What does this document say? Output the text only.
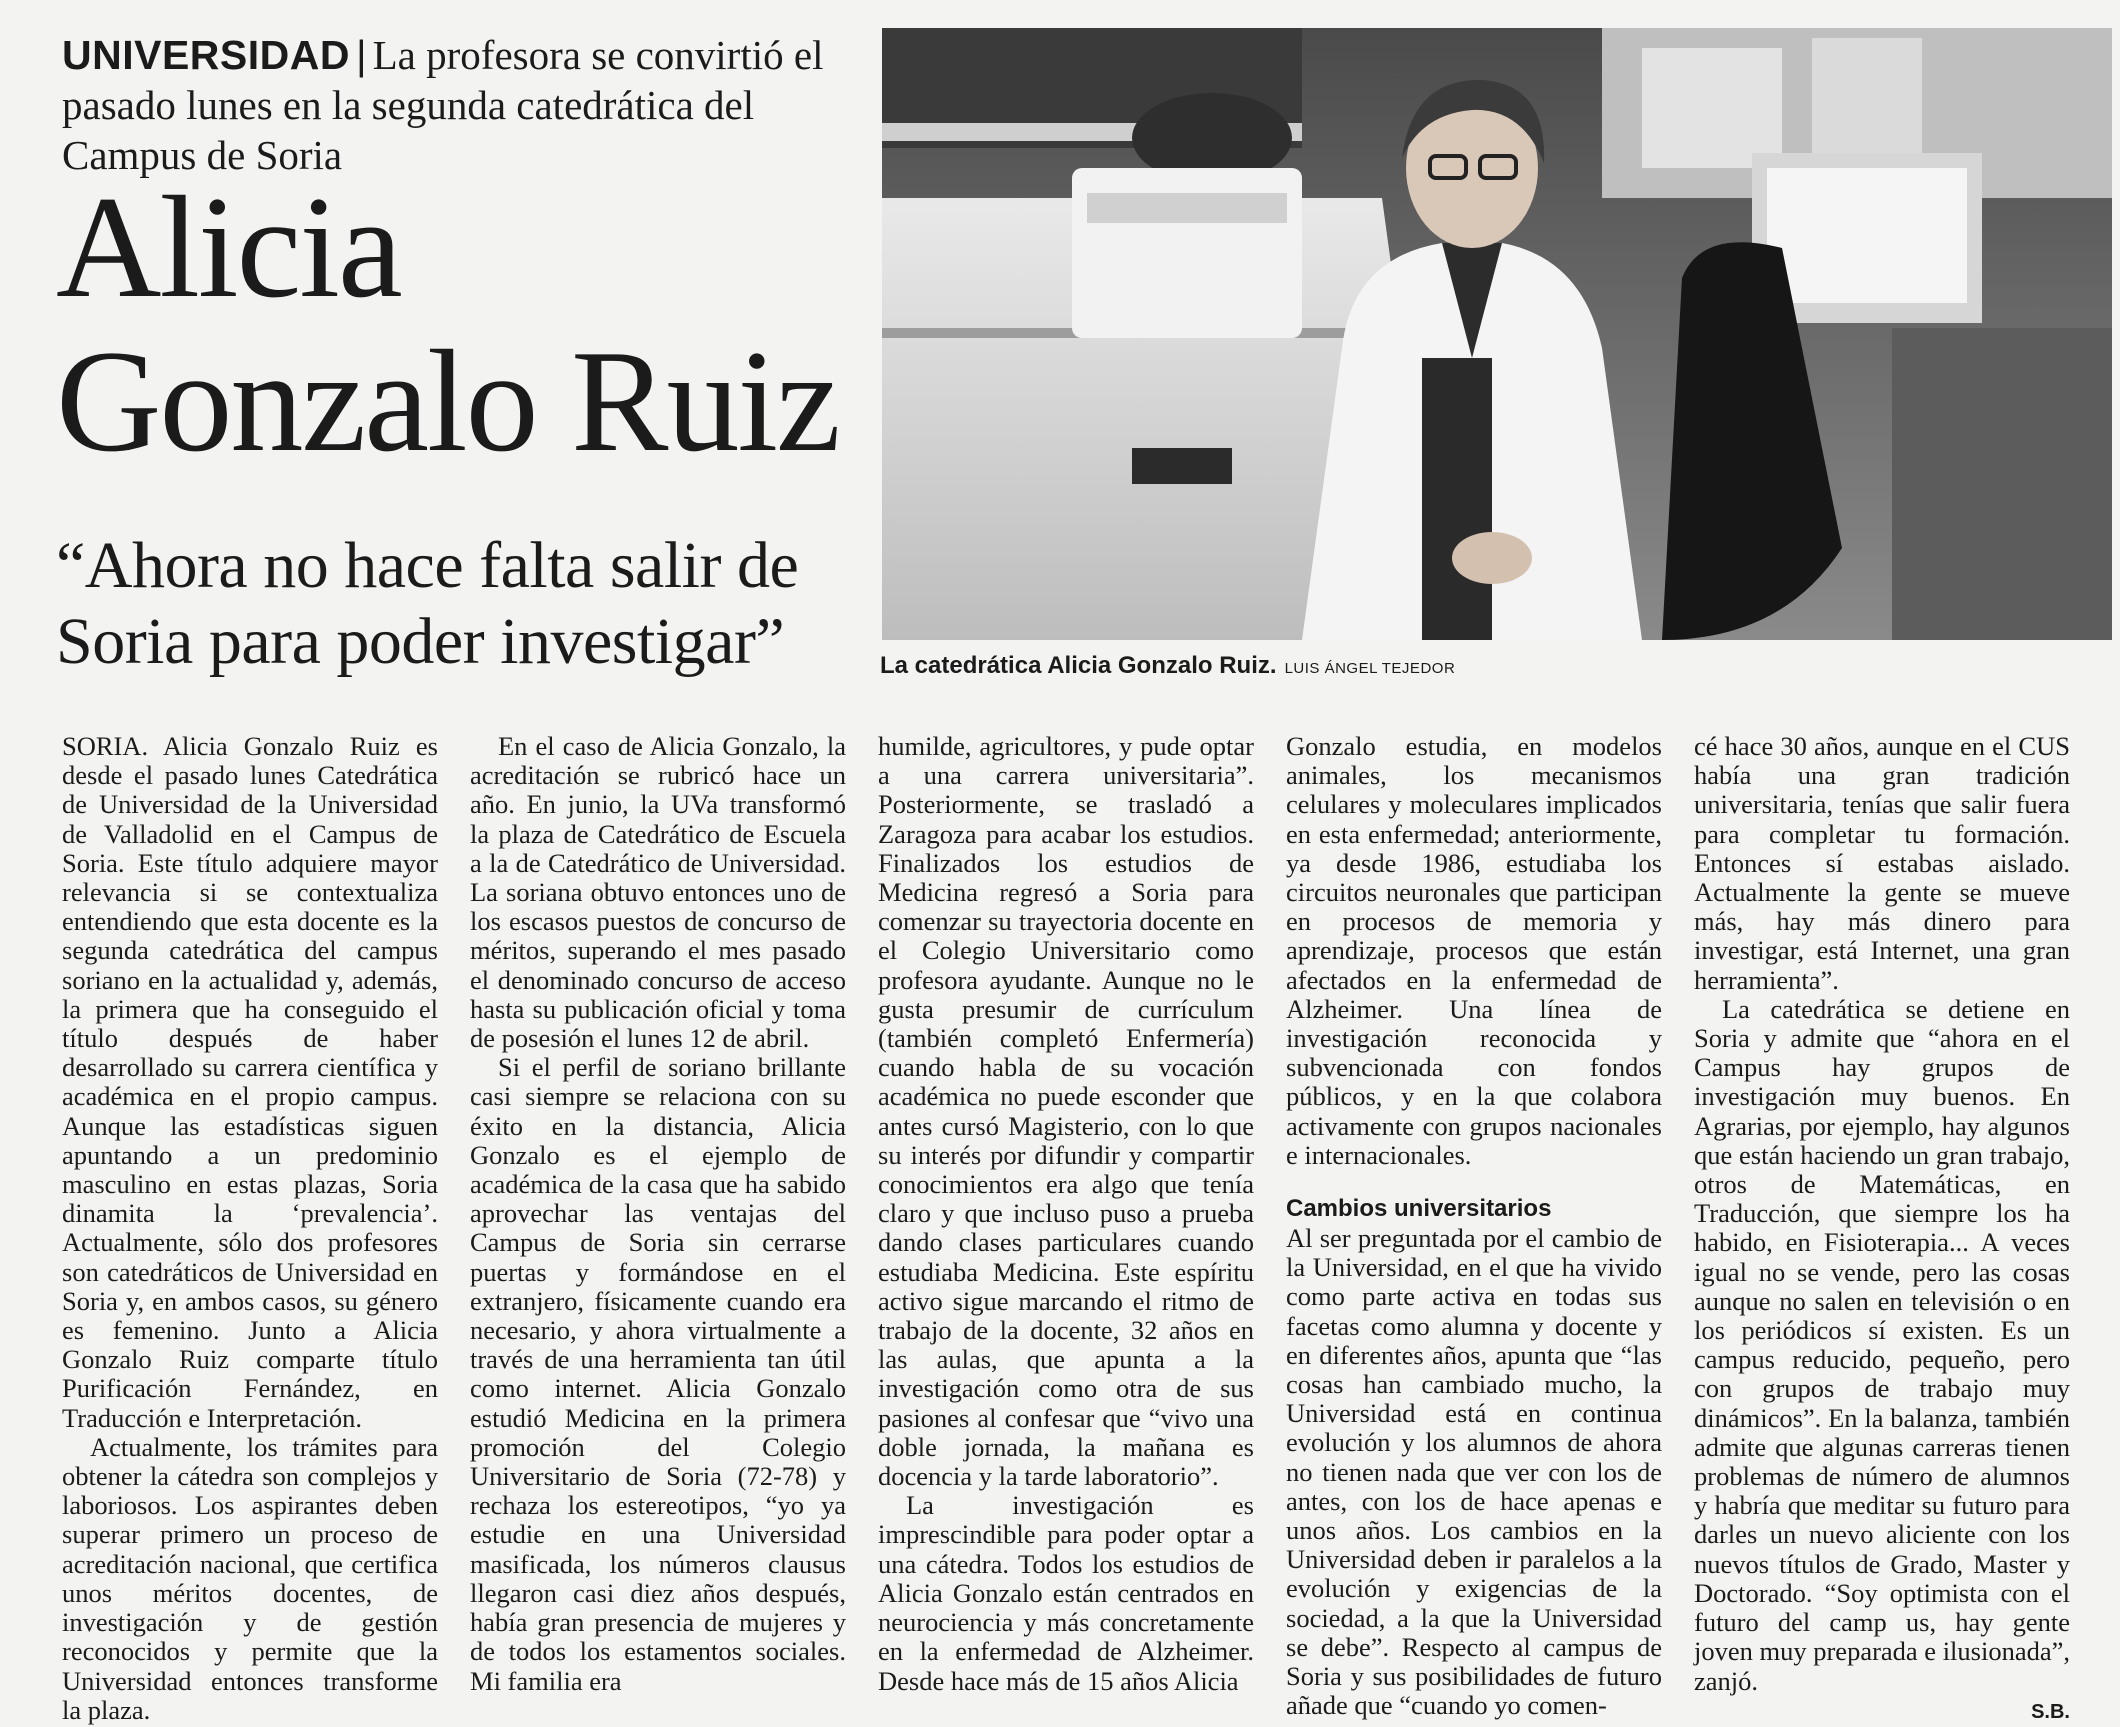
UNIVERSIDAD | La profesora se convirtió el pasado lunes en la segunda catedrática del Campus de Soria
Alicia
Gonzalo Ruiz
“Ahora no hace falta salir de Soria para poder investigar”	La catedrática Alicia Gonzalo Ruiz. LUIS ÁNGEL TEJEDOR

SORIA. Alicia Gonzalo Ruiz es desde el pasado lunes Catedrática de Universidad de la Universidad de Valladolid en el Campus de Soria. Este título adquiere mayor relevancia si se contextualiza entendiendo que esta docente es la segunda catedrática del campus soriano en la actualidad y, además, la primera que ha conseguido el título después de haber desarrollado su carrera científica y académica en el propio campus. Aunque las estadísticas siguen apuntando a un predominio masculino en estas plazas, Soria dinamita la ‘prevalencia’. Actualmente, sólo dos profesores son catedráticos de Universidad en Soria y, en ambos casos, su género es femenino. Junto a Alicia Gonzalo Ruiz comparte título Purificación Fernández, en Traducción e Interpretación.

Actualmente, los trámites para obtener la cátedra son complejos y laboriosos. Los aspirantes deben superar primero un proceso de acreditación nacional, que certifica unos méritos docentes, de investigación y de gestión reconocidos y permite que la Universidad entonces transforme la plaza.

En el caso de Alicia Gonzalo, la acreditación se rubricó hace un año. En junio, la UVa transformó la plaza de Catedrático de Escuela a la de Catedrático de Universidad. La soriana obtuvo entonces uno de los escasos puestos de concurso de méritos, superando el mes pasado el denominado concurso de acceso hasta su publicación oficial y toma de posesión el lunes 12 de abril.

Si el perfil de soriano brillante casi siempre se relaciona con su éxito en la distancia, Alicia Gonzalo es el ejemplo de académica de la casa que ha sabido aprovechar las ventajas del Campus de Soria sin cerrarse puertas y formándose en el extranjero, físicamente cuando era necesario, y ahora virtualmente a través de una herramienta tan útil como internet. Alicia Gonzalo estudió Medicina en la primera promoción del Colegio Universitario de Soria (72-78) y rechaza los estereotipos, “yo ya estudie en una Universidad masificada, los números clausus llegaron casi diez años después, había gran presencia de mujeres y de todos los estamentos sociales. Mi familia era

humilde, agricultores, y pude optar a una carrera universitaria”. Posteriormente, se trasladó a Zaragoza para acabar los estudios. Finalizados los estudios de Medicina regresó a Soria para comenzar su trayectoria docente en el Colegio Universitario como profesora ayudante. Aunque no le gusta presumir de currículum (también completó Enfermería) cuando habla de su vocación académica no puede esconder que antes cursó Magisterio, con lo que su interés por difundir y compartir conocimientos era algo que tenía claro y que incluso puso a prueba dando clases particulares cuando estudiaba Medicina. Este espíritu activo sigue marcando el ritmo de trabajo de la docente, 32 años en las aulas, que apunta a la investigación como otra de sus pasiones al confesar que “vivo una doble jornada, la mañana es docencia y la tarde laboratorio”.

La investigación es imprescindible para poder optar a una cátedra. Todos los estudios de Alicia Gonzalo están centrados en neurociencia y más concretamente en la enfermedad de Alzheimer. Desde hace más de 15 años Alicia

Gonzalo estudia, en modelos animales, los mecanismos celulares y moleculares implicados en esta enfermedad; anteriormente, ya desde 1986, estudiaba los circuitos neuronales que participan en procesos de memoria y aprendizaje, procesos que están afectados en la enfermedad de Alzheimer. Una línea de investigación reconocida y subvencionada con fondos públicos, y en la que colabora activamente con grupos nacionales e internacionales.

Cambios universitarios

Al ser preguntada por el cambio de la Universidad, en el que ha vivido como parte activa en todas sus facetas como alumna y docente y en diferentes años, apunta que “las cosas han cambiado mucho, la Universidad está en continua evolución y los alumnos de ahora no tienen nada que ver con los de antes, con los de hace apenas e unos años. Los cambios en la Universidad deben ir paralelos a la evolución y exigencias de la sociedad, a la que la Universidad se debe”. Respecto al campus de Soria y sus posibilidades de futuro añade que “cuando yo comen-

cé hace 30 años, aunque en el CUS había una gran tradición universitaria, tenías que salir fuera para completar tu formación. Entonces sí estabas aislado. Actualmente la gente se mueve más, hay más dinero para investigar, está Internet, una gran herramienta”.

La catedrática se detiene en Soria y admite que “ahora en el Campus hay grupos de investigación muy buenos. En Agrarias, por ejemplo, hay algunos que están haciendo un gran trabajo, otros de Matemáticas, en Traducción, que siempre los ha habido, en Fisioterapia... A veces igual no se vende, pero las cosas aunque no salen en televisión o en los periódicos sí existen. Es un campus reducido, pequeño, pero con grupos de trabajo muy dinámicos”. En la balanza, también admite que algunas carreras tienen problemas de número de alumnos y habría que meditar su futuro para darles un nuevo aliciente con los nuevos títulos de Grado, Master y Doctorado. “Soy optimista con el futuro del camp us, hay gente joven muy preparada e ilusionada”, zanjó.

S.B.
